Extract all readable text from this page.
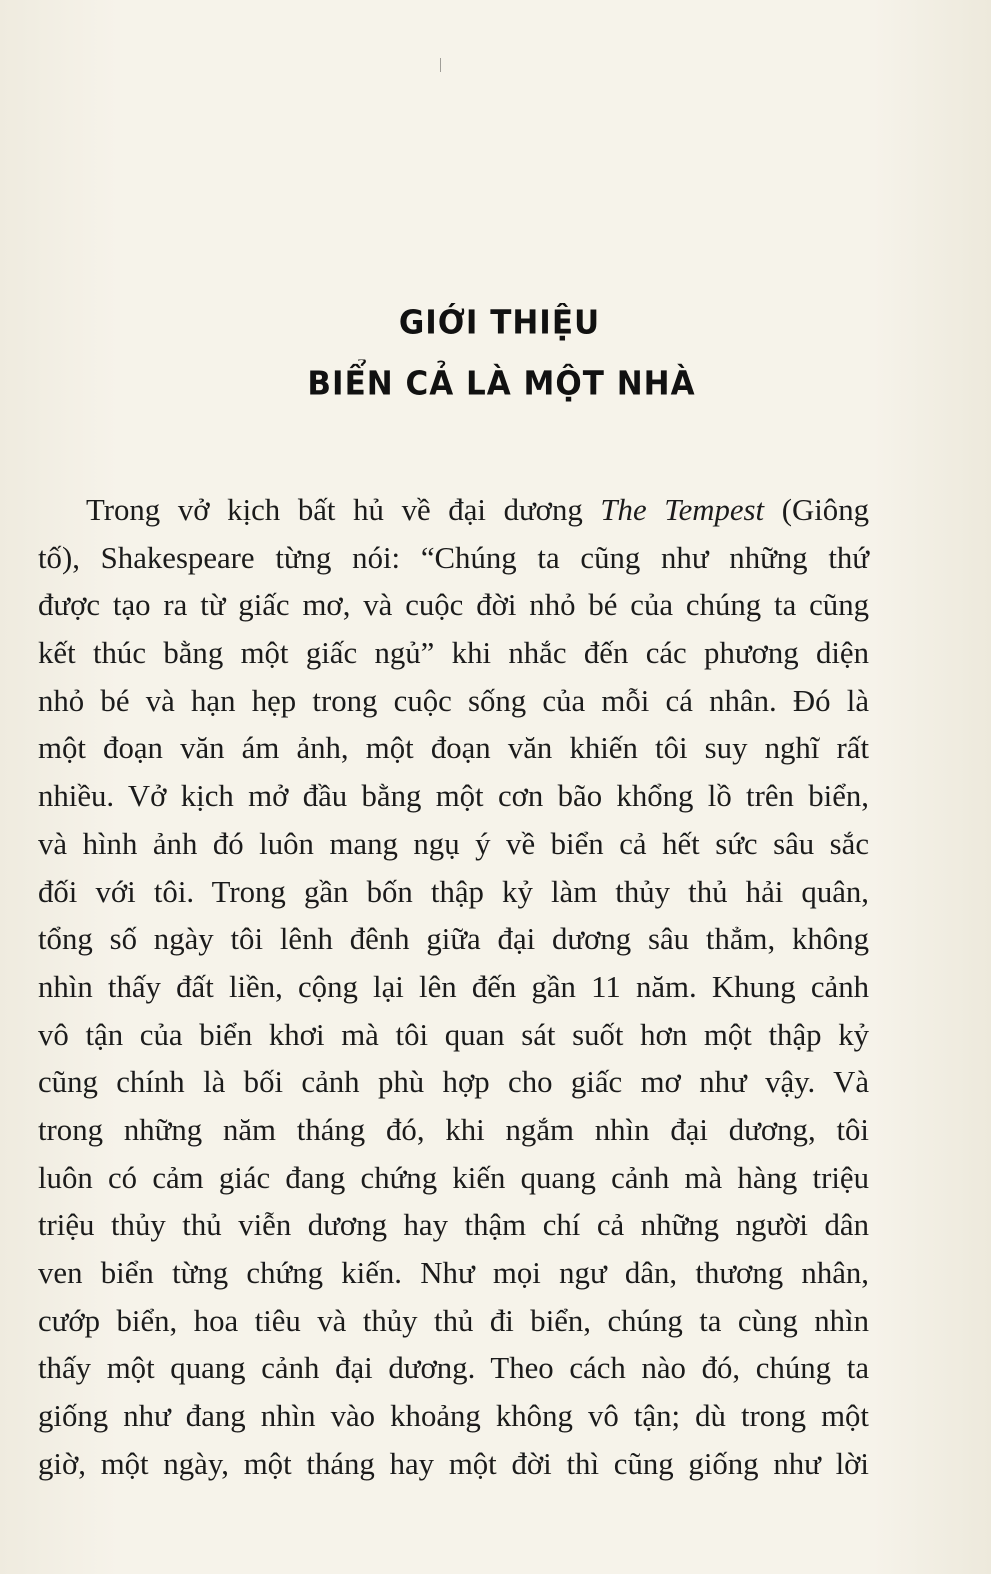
GIỚI THIỆU
BIỂN CẢ LÀ MỘT NHÀ
Trong vở kịch bất hủ về đại dương The Tempest (Giông
tố), Shakespeare từng nói: “Chúng ta cũng như những thứ
được tạo ra từ giấc mơ, và cuộc đời nhỏ bé của chúng ta cũng
kết thúc bằng một giấc ngủ” khi nhắc đến các phương diện
nhỏ bé và hạn hẹp trong cuộc sống của mỗi cá nhân. Đó là
một đoạn văn ám ảnh, một đoạn văn khiến tôi suy nghĩ rất
nhiều. Vở kịch mở đầu bằng một cơn bão khổng lồ trên biển,
và hình ảnh đó luôn mang ngụ ý về biển cả hết sức sâu sắc
đối với tôi. Trong gần bốn thập kỷ làm thủy thủ hải quân,
tổng số ngày tôi lênh đênh giữa đại dương sâu thẳm, không
nhìn thấy đất liền, cộng lại lên đến gần 11 năm. Khung cảnh
vô tận của biển khơi mà tôi quan sát suốt hơn một thập kỷ
cũng chính là bối cảnh phù hợp cho giấc mơ như vậy. Và
trong những năm tháng đó, khi ngắm nhìn đại dương, tôi
luôn có cảm giác đang chứng kiến quang cảnh mà hàng triệu
triệu thủy thủ viễn dương hay thậm chí cả những người dân
ven biển từng chứng kiến. Như mọi ngư dân, thương nhân,
cướp biển, hoa tiêu và thủy thủ đi biển, chúng ta cùng nhìn
thấy một quang cảnh đại dương. Theo cách nào đó, chúng ta
giống như đang nhìn vào khoảng không vô tận; dù trong một
giờ, một ngày, một tháng hay một đời thì cũng giống như lời
